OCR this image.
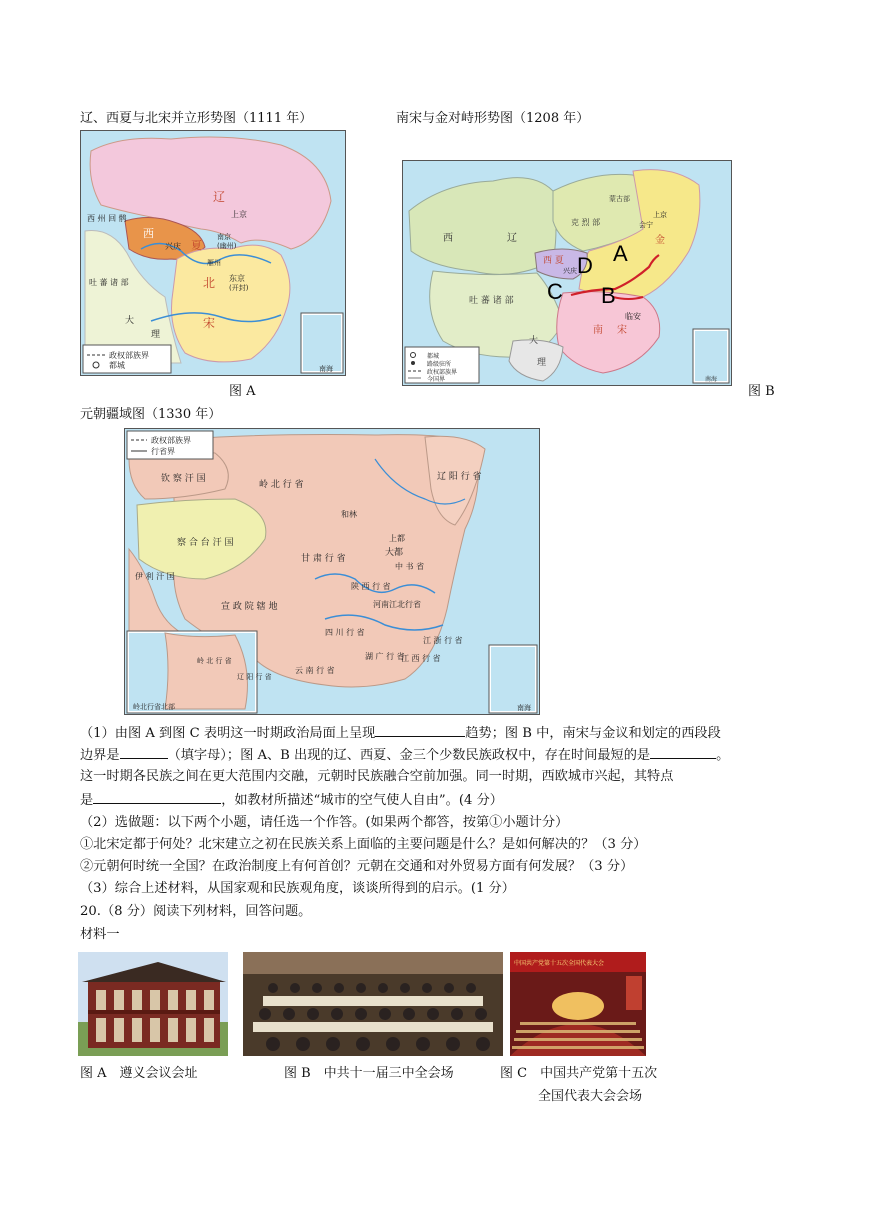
辽、西夏与北宋并立形势图（1111 年）	南宋与金对峙形势图（1208 年）
政权部族界
都城
辽
上京
西
夏
兴庆
南京
(幽州)
雁州
东京
(开封)
北
宋
西 州 回 鹘
吐 蕃 诸 部
大
理
南海
都城
路级驻所
政权部族界
今国界
西	辽
克 烈 部
蒙古部
会宁
上京
金
西 夏
兴庆
吐 蕃 诸 部
大
理
南 宋
临安
南海
A
B
C
D
图 A	图 B
元朝疆域图（1330 年）
政权部族界
行省界
钦 察 汗 国
岭 北 行 省
和林
辽 阳 行 省
察 合 台 汗 国
伊 利 汗 国
甘 肃 行 省
上都
大都
中 书 省
陕 西 行 省
宣 政 院 辖 地	河南江北行省
四 川 行 省
江 浙 行 省
湖 广 行 省
江 西 行 省
云 南 行 省
岭 北 行 省
辽 阳 行 省
岭北行省北部	南海
（1）由图 A 到图 C 表明这一时期政治局面上呈现	趋势；图 B 中，南宋与金议和划定的西段段
边界是	（填字母）；图 A、B 出现的辽、西夏、金三个少数民族政权中，存在时间最短的是	。
这一时期各民族之间在更大范围内交融，元朝时民族融合空前加强。同一时期，西欧城市兴起，其特点
是	，如教材所描述“城市的空气使人自由”。(4 分）
（2）选做题：以下两个小题，请任选一个作答。(如果两个都答，按第①小题计分）
①北宋定都于何处？北宋建立之初在民族关系上面临的主要问题是什么？是如何解决的？（3 分）
②元朝何时统一全国？在政治制度上有何首创？元朝在交通和对外贸易方面有何发展？（3 分）
（3）综合上述材料，从国家观和民族观角度，谈谈所得到的启示。(1 分）
20.（8 分）阅读下列材料，回答问题。
材料一
中国共产党第十五次全国代表大会
图 A　遵义会议会址	图 B　中共十一届三中全会场	图 C　中国共产党第十五次
全国代表大会会场
